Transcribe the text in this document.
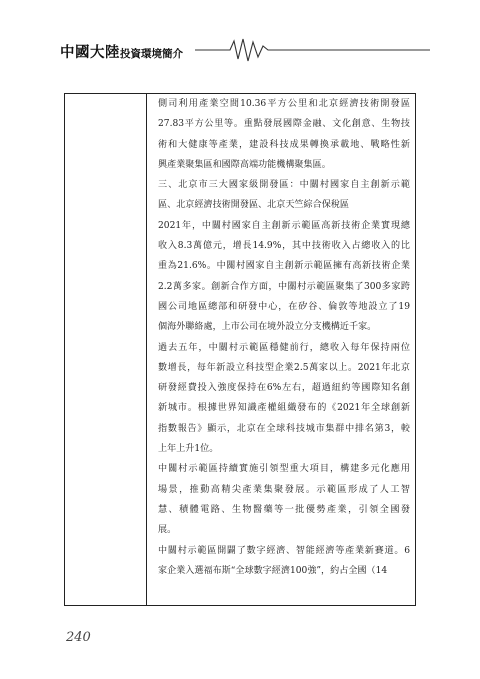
中國大陸投資環境簡介

側司利用產業空間10.36平方公里和北京經濟技術開發區
27.83平方公里等。重點發展國際金融、文化創意、生物技
術和大健康等產業，建設科技成果轉換承載地、戰略性新
興產業聚集區和國際高端功能機構聚集區。

三、北京市三大國家級開發區：中關村國家自主創新示範
區、北京經濟技術開發區、北京天竺綜合保稅區

2021年，中關村國家自主創新示範區高新技術企業實現總
收入8.3萬億元，增長14.9%，其中技術收入占總收入的比
重為21.6%。中關村國家自主創新示範區擁有高新技術企業
2.2萬多家。創新合作方面，中關村示範區聚集了300多家跨
國公司地區總部和研發中心，在矽谷、倫敦等地設立了19
個海外聯絡處，上市公司在境外設立分支機構近千家。

過去五年，中關村示範區穩健前行，總收入每年保持兩位
數增長，每年新設立科技型企業2.5萬家以上。2021年北京
研發經費投入強度保持在6%左右，超過紐約等國際知名創
新城市。根據世界知識產權組織發布的《2021年全球創新
指數報告》顯示，北京在全球科技城市集群中排名第3，較
上年上升1位。

中關村示範區持續實施引領型重大項目，構建多元化應用
場景，推動高精尖產業集聚發展。示範區形成了人工智
慧、積體電路、生物醫藥等一批優勢產業，引領全國發
展。

中關村示範區開闢了數字經濟、智能經濟等產業新賽道。6
家企業入選福布斯“全球數字經濟100強”，約占全國（14

240
